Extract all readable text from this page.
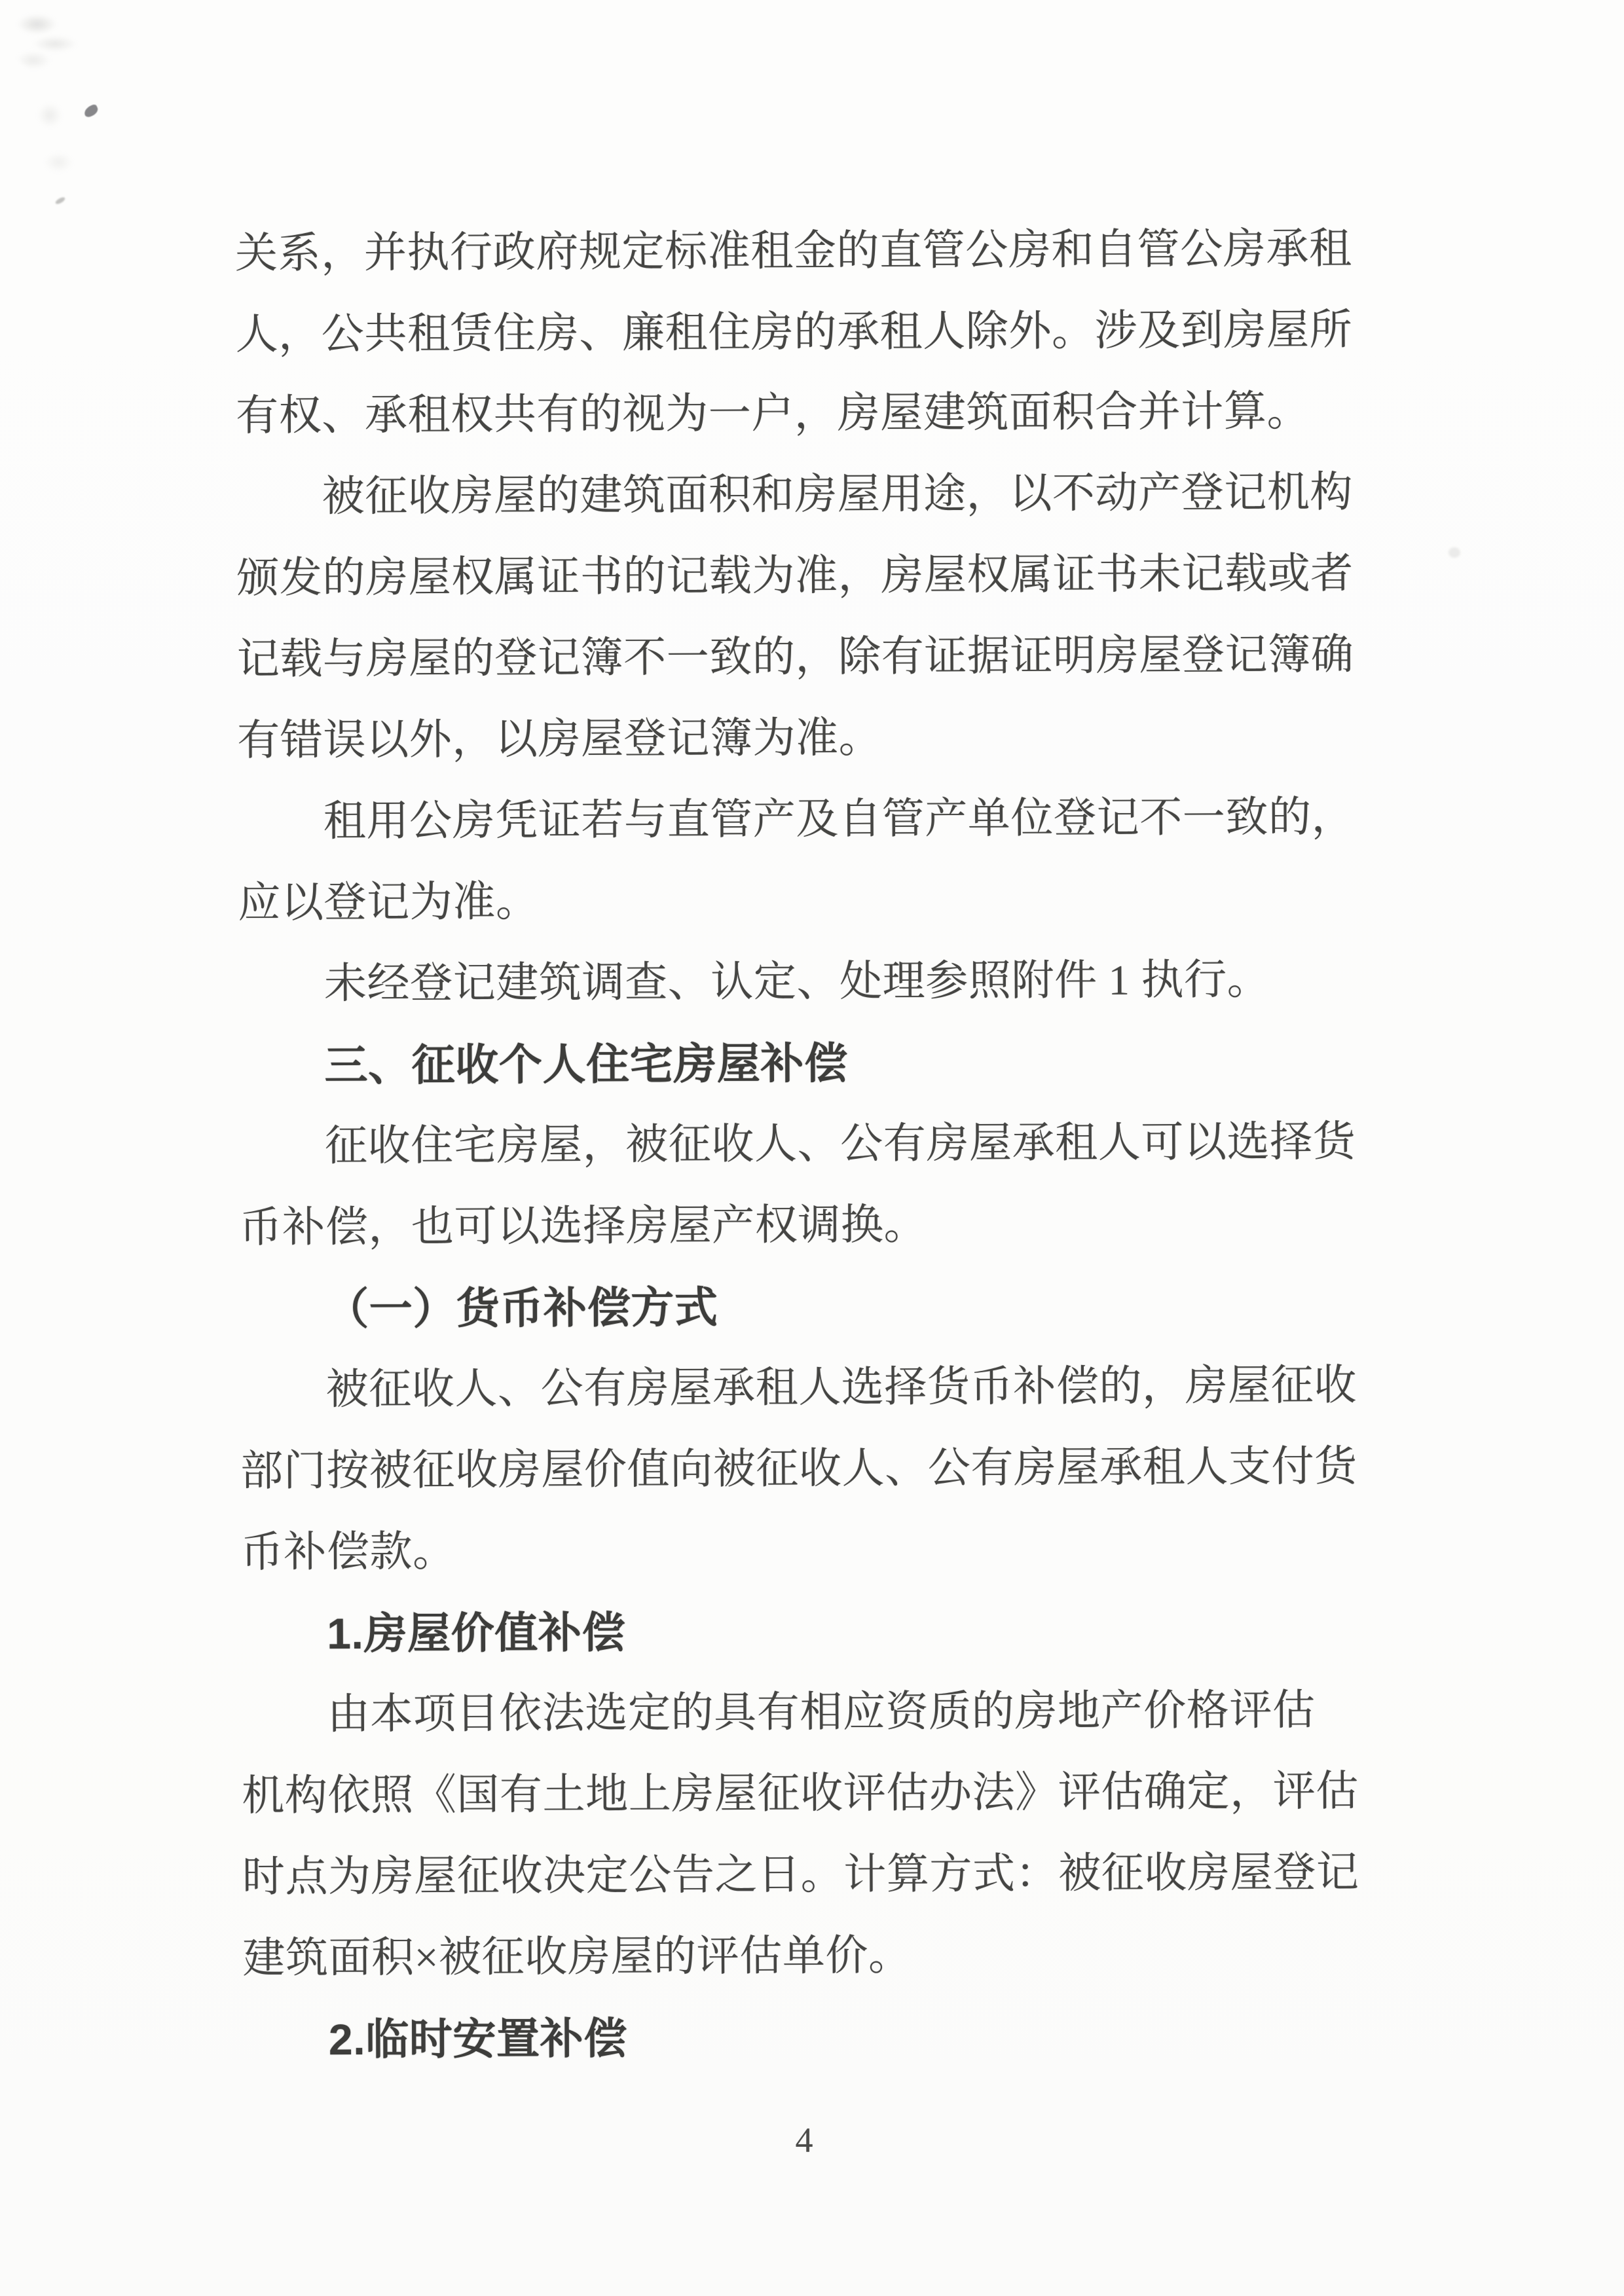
关系，并执行政府规定标准租金的直管公房和自管公房承租
人，公共租赁住房、廉租住房的承租人除外。涉及到房屋所
有权、承租权共有的视为一户，房屋建筑面积合并计算。
被征收房屋的建筑面积和房屋用途，以不动产登记机构
颁发的房屋权属证书的记载为准，房屋权属证书未记载或者
记载与房屋的登记簿不一致的，除有证据证明房屋登记簿确
有错误以外，以房屋登记簿为准。
租用公房凭证若与直管产及自管产单位登记不一致的，
应以登记为准。
未经登记建筑调查、认定、处理参照附件 1 执行。
三、征收个人住宅房屋补偿
征收住宅房屋，被征收人、公有房屋承租人可以选择货
币补偿，也可以选择房屋产权调换。
（一）货币补偿方式
被征收人、公有房屋承租人选择货币补偿的，房屋征收
部门按被征收房屋价值向被征收人、公有房屋承租人支付货
币补偿款。
1.房屋价值补偿
由本项目依法选定的具有相应资质的房地产价格评估
机构依照《国有土地上房屋征收评估办法》评估确定，评估
时点为房屋征收决定公告之日。计算方式：被征收房屋登记
建筑面积×被征收房屋的评估单价。
2.临时安置补偿
4
